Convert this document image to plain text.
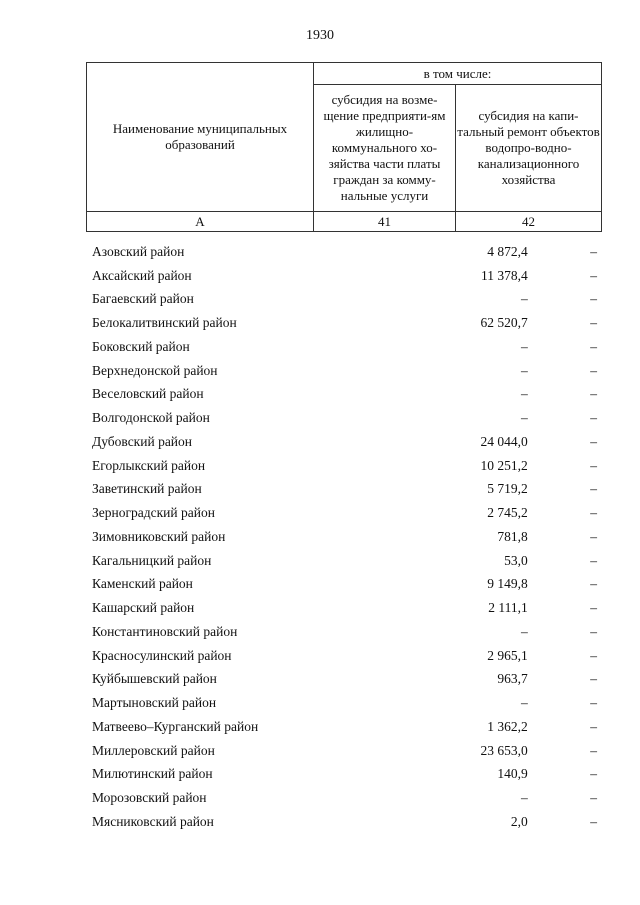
1930
Наименование муниципальных образований	в том числе:	
	субсидия на возме-щение предприяти-ям жилищно-коммунального хо-зяйства части платы граждан за комму-нальные услуги	субсидия на капи-тальный ремонт объектов водопро-водно-канализационного хозяйства
А	41	42
Азовский район	4 872,4	–
Аксайский район	11 378,4	–
Багаевский район	–	–
Белокалитвинский район	62 520,7	–
Боковский район	–	–
Верхнедонской район	–	–
Веселовский район	–	–
Волгодонской район	–	–
Дубовский район	24 044,0	–
Егорлыкский район	10 251,2	–
Заветинский район	5 719,2	–
Зерноградский район	2 745,2	–
Зимовниковский район	781,8	–
Кагальницкий район	53,0	–
Каменский район	9 149,8	–
Кашарский район	2 111,1	–
Константиновский район	–	–
Красносулинский район	2 965,1	–
Куйбышевский район	963,7	–
Мартыновский район	–	–
Матвеево–Курганский район	1 362,2	–
Миллеровский район	23 653,0	–
Милютинский район	140,9	–
Морозовский район	–	–
Мясниковский район	2,0	–
